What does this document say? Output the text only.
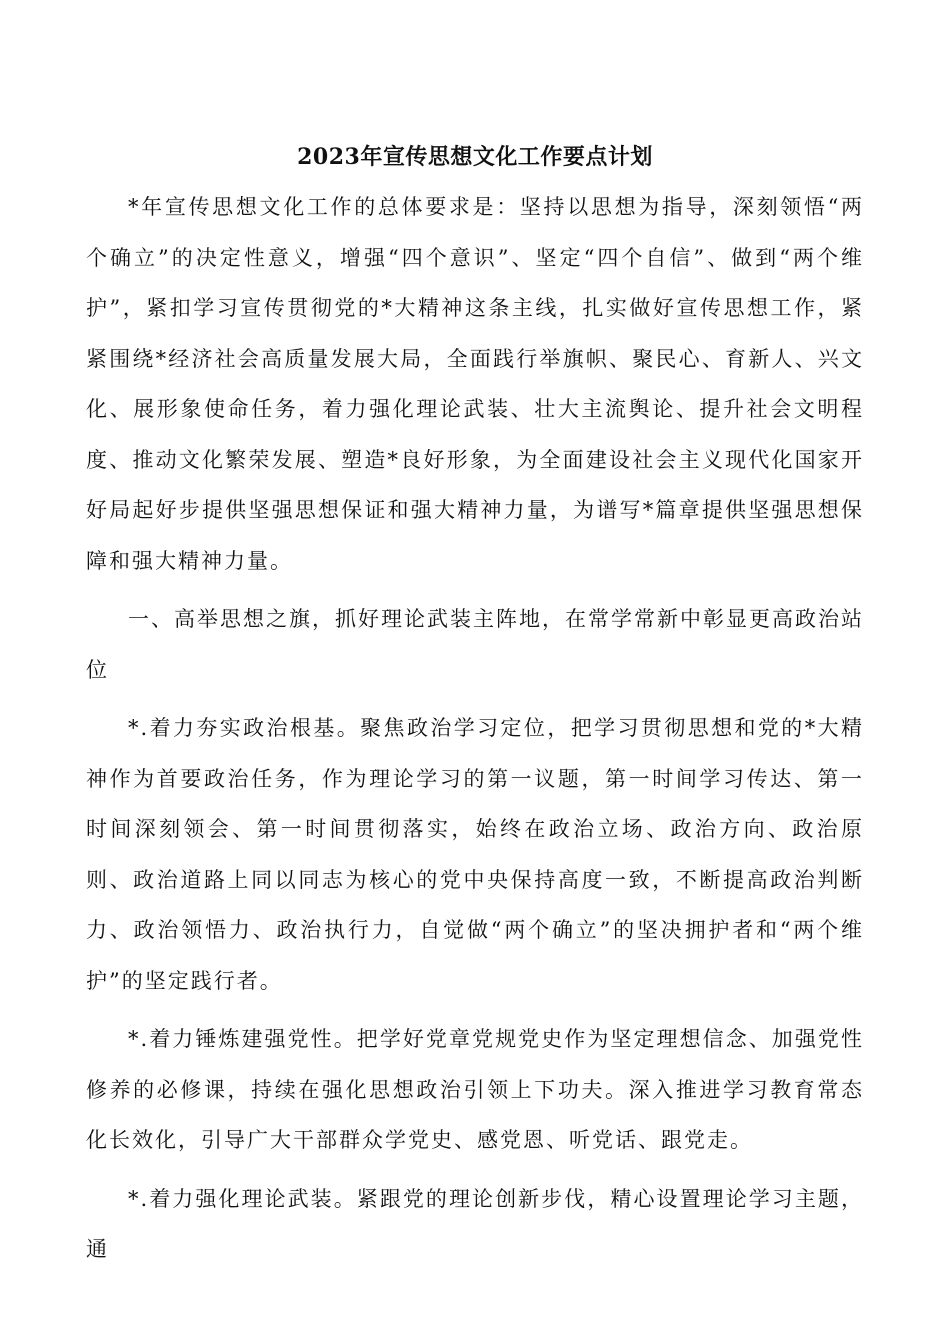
2023年宣传思想文化工作要点计划

*年宣传思想文化工作的总体要求是：坚持以思想为指导，深刻领悟“两个确立”的决定性意义，增强“四个意识”、坚定“四个自信”、做到“两个维护”，紧扣学习宣传贯彻党的*大精神这条主线，扎实做好宣传思想工作，紧紧围绕*经济社会高质量发展大局，全面践行举旗帜、聚民心、育新人、兴文化、展形象使命任务，着力强化理论武装、壮大主流舆论、提升社会文明程度、推动文化繁荣发展、塑造*良好形象，为全面建设社会主义现代化国家开好局起好步提供坚强思想保证和强大精神力量，为谱写*篇章提供坚强思想保障和强大精神力量。

一、高举思想之旗，抓好理论武装主阵地，在常学常新中彰显更高政治站位

*.着力夯实政治根基。聚焦政治学习定位，把学习贯彻思想和党的*大精神作为首要政治任务，作为理论学习的第一议题，第一时间学习传达、第一时间深刻领会、第一时间贯彻落实，始终在政治立场、政治方向、政治原则、政治道路上同以同志为核心的党中央保持高度一致，不断提高政治判断力、政治领悟力、政治执行力，自觉做“两个确立”的坚决拥护者和“两个维护”的坚定践行者。

*.着力锤炼建强党性。把学好党章党规党史作为坚定理想信念、加强党性修养的必修课，持续在强化思想政治引领上下功夫。深入推进学习教育常态化长效化，引导广大干部群众学党史、感党恩、听党话、跟党走。

*.着力强化理论武装。紧跟党的理论创新步伐，精心设置理论学习主题，通
